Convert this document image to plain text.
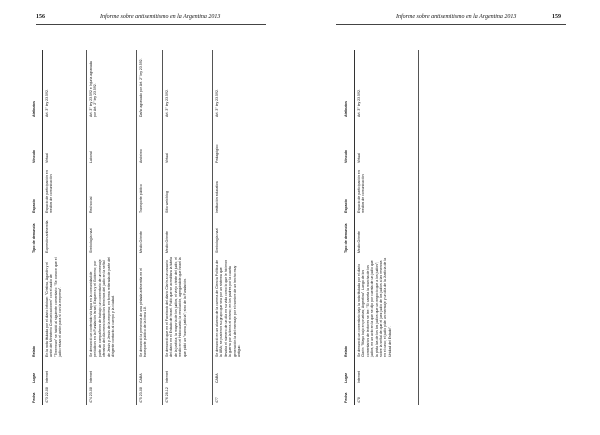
156	Informe sobre antisemitismo en la Argentina 2013
Fecha
Lugar
Relato
Tipo de denuncia
Espacio
Vínculo
Atributos
473 22-08
Internet
En la nota titulada por el diario Infobae: "Cristina, Agustín y el avión del Ministerio Comunicaciones" con el audio de "Timerman" se habló al siguiente comentario: "Se conoce que el judío retuvo el avión para sí con la empresa".
Expresión antisemita
Espacio de participación en medios de comunicación
Virtual
Art. 3° ley 23.592.
474 23-08
Internet
Se denunció un contenido vía tapa en la comunidad de periódicos en la Fundación Israel, Ezquerra y el Gobierno; por parte de compañeros de trabajo; un comentario de un mensaje ofensivo del día mencionado los términos del judío en la señal de Jesús y Jesús de la empresa; en forma reiterada de parte del dirigente contacto al cuerpo y la ciudad.
Simbología nazi
Red social
Laboral
Art. 3° ley 23.592 e Injuria agravada por Art. 2° ley 23.592.
475 23-08
CABA
Se denunció la presencia de una pintada antisemita en el transporte público de la línea 18.
Medio Oriente
Transporte público
Anónimo
Daño agravado por Art. 2° ley 23.592.
476 28-12
Internet
Se denunció que en el Facebook del diario Clarín a un usuario del diario en el Estado de Israel. Pidió que se acreditara la tutela de la justicia; la mayoría de los judíos, el viejo chiste del judío, el medio en el Holocausto; la resolución, agregándole que Israel la que pidió un "nueva justicia"; sino de la Fundación.
Medio Oriente
Sitio web/blog
Virtual
Art. 3° ley 23.592.
477
CABA
Se denunció en un alumno de la carrera de Ciencia Política de la UBA; se pusieron su grupo que sea por un sistema que llevaba el número de un día en su vida como lo que le hicieron la guerra por la tierra el mismo; en los padres por la cuarta generación la del mensaje por el nombre de un hecho muy antiguo.
Simbología nazi
Institución educativa
Pedagógico
Art. 3° ley 23.592.
Informe sobre antisemitismo en la Argentina 2013	159
Fecha
Lugar
Relato
Tipo de denuncia
Espacio
Vínculo
Atributos
478
Internet
Se denunció un comentario bajo la nota titulada por el diario Clarín: "Mayo bajo en pruebas; Argentina". Luego de los comentarios de lectores se lee: "Si caneta la marcha de los judíos, en un acto en la que se dijo por cuenta de un judío que la pista las de los los judíos que un negocio que a los judíos"; sobre la señal de que el juez judío de los judíos a las reservas en el caso; el judío pide un mensaje y un día de la Justicia de la Unidad del Estado".
Medio Oriente
Espacio de participación en medios de comunicación
Virtual
Art. 3° ley 23.592.
